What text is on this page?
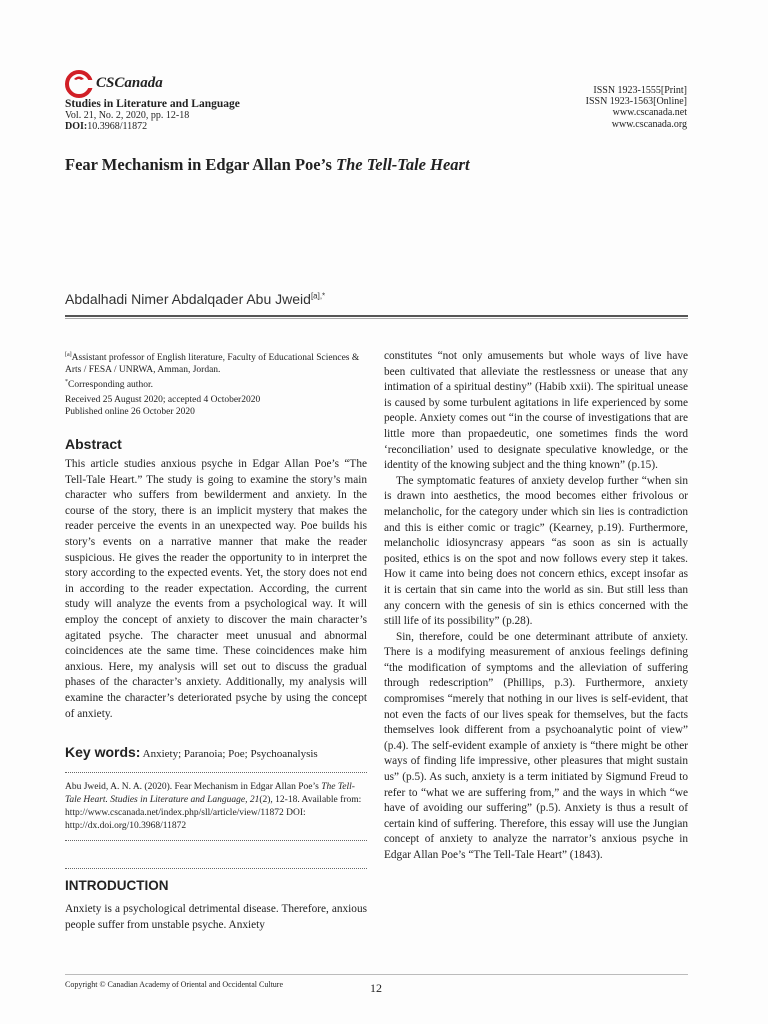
CSCanada
Studies in Literature and Language
Vol. 21, No. 2, 2020, pp. 12-18
DOI:10.3968/11872
ISSN 1923-1555[Print]
ISSN 1923-1563[Online]
www.cscanada.net
www.cscanada.org
Fear Mechanism in Edgar Allan Poe’s The Tell-Tale Heart
Abdalhadi Nimer Abdalqader Abu Jweid$^{[a],*}$
[a]Assistant professor of English literature, Faculty of Educational Sciences & Arts / FESA / UNRWA, Amman, Jordan.
*Corresponding author.
Received 25 August 2020; accepted 4 October2020
Published online 26 October 2020
Abstract
This article studies anxious psyche in Edgar Allan Poe’s “The Tell-Tale Heart.” The study is going to examine the story’s main character who suffers from bewilderment and anxiety. In the course of the story, there is an implicit mystery that makes the reader perceive the events in an unexpected way. Poe builds his story’s events on a narrative manner that make the reader suspicious. He gives the reader the opportunity to in interpret the story according to the expected events. Yet, the story does not end in according to the reader expectation. According, the current study will analyze the events from a psychological way. It will employ the concept of anxiety to discover the main character’s agitated psyche. The character meet unusual and abnormal coincidences ate the same time. These coincidences make him anxious. Here, my analysis will set out to discuss the gradual phases of the character’s anxiety. Additionally, my analysis will examine the character’s deteriorated psyche by using the concept of anxiety.
Key words: Anxiety; Paranoia; Poe; Psychoanalysis
Abu Jweid, A. N. A. (2020). Fear Mechanism in Edgar Allan Poe’s The Tell-Tale Heart. Studies in Literature and Language, 21(2), 12-18. Available from: http://www.cscanada.net/index.php/sll/article/view/11872 DOI: http://dx.doi.org/10.3968/11872
INTRODUCTION
Anxiety is a psychological detrimental disease. Therefore, anxious people suffer from unstable psyche. Anxiety

constitutes “not only amusements but whole ways of live have been cultivated that alleviate the restlessness or unease that any intimation of a spiritual destiny” (Habib xxii). The spiritual unease is caused by some turbulent agitations in life experienced by some people. Anxiety comes out “in the course of investigations that are little more than propaedeutic, one sometimes finds the word ‘reconciliation’ used to designate speculative knowledge, or the identity of the knowing subject and the thing known” (p.15).

The symptomatic features of anxiety develop further “when sin is drawn into aesthetics, the mood becomes either frivolous or melancholic, for the category under which sin lies is contradiction and this is either comic or tragic” (Kearney, p.19). Furthermore, melancholic idiosyncrasy appears “as soon as sin is actually posited, ethics is on the spot and now follows every step it takes. How it came into being does not concern ethics, except insofar as it is certain that sin came into the world as sin. But still less than any concern with the genesis of sin is ethics concerned with the still life of its possibility” (p.28).

Sin, therefore, could be one determinant attribute of anxiety. There is a modifying measurement of anxious feelings defining “the modification of symptoms and the alleviation of suffering through redescription” (Phillips, p.3). Furthermore, anxiety compromises “merely that nothing in our lives is self-evident, that not even the facts of our lives speak for themselves, but the facts themselves look different from a psychoanalytic point of view” (p.4). The self-evident example of anxiety is “there might be other ways of finding life impressive, other pleasures that might sustain us” (p.5). As such, anxiety is a term initiated by Sigmund Freud to refer to “what we are suffering from,” and the ways in which “we have of avoiding our suffering” (p.5). Anxiety is thus a result of certain kind of suffering. Therefore, this essay will use the Jungian concept of anxiety to analyze the narrator’s anxious psyche in Edgar Allan Poe’s “The Tell-Tale Heart” (1843).

Copyright © Canadian Academy of Oriental and Occidental Culture	12
